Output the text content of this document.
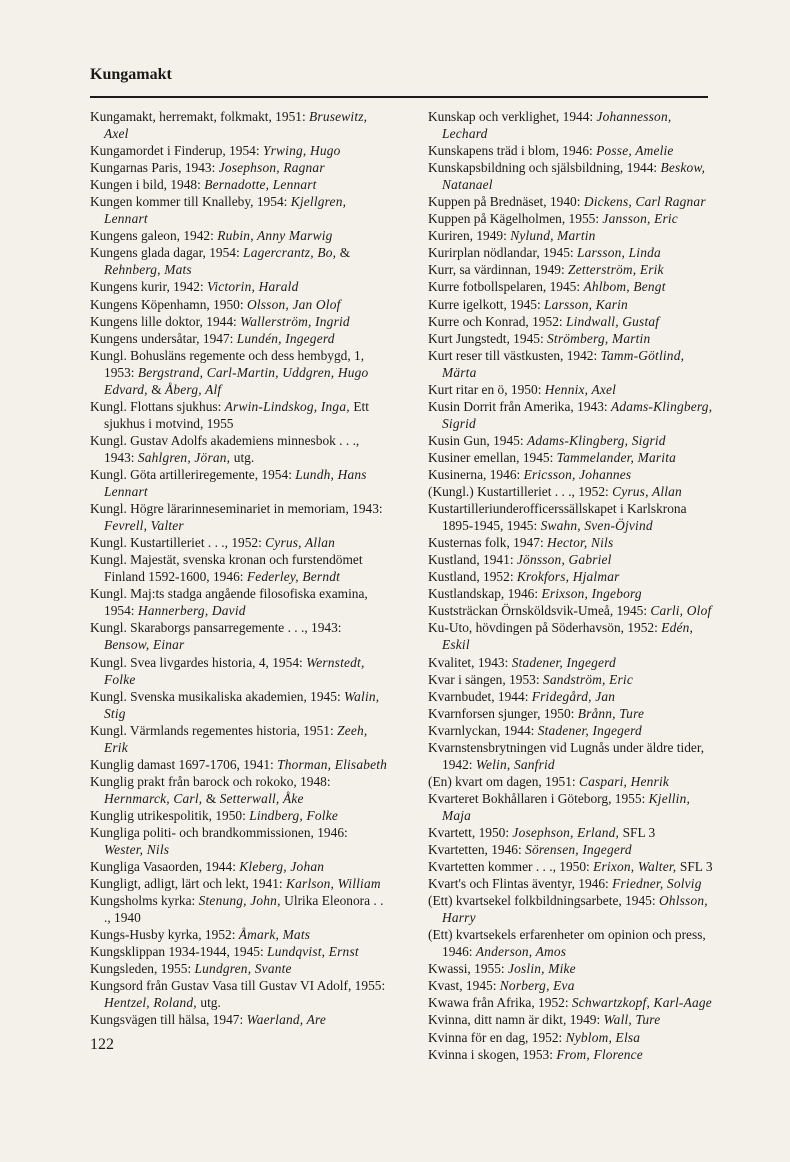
Kungamakt

Kungamakt, herremakt, folkmakt, 1951: Brusewitz, Axel

Kungamordet i Finderup, 1954: Yrwing, Hugo

Kungarnas Paris, 1943: Josephson, Ragnar

Kungen i bild, 1948: Bernadotte, Lennart

Kungen kommer till Knalleby, 1954: Kjellgren, Lennart

Kungens galeon, 1942: Rubin, Anny Marwig

Kungens glada dagar, 1954: Lagercrantz, Bo, & Rehnberg, Mats

Kungens kurir, 1942: Victorin, Harald

Kungens Köpenhamn, 1950: Olsson, Jan Olof

Kungens lille doktor, 1944: Wallerström, Ingrid

Kungens undersåtar, 1947: Lundén, Ingegerd

Kungl. Bohusläns regemente och dess hembygd, 1, 1953: Bergstrand, Carl-Martin, Uddgren, Hugo Edvard, & Åberg, Alf

Kungl. Flottans sjukhus: Arwin-Lindskog, Inga, Ett sjukhus i motvind, 1955

Kungl. Gustav Adolfs akademiens minnesbok . . ., 1943: Sahlgren, Jöran, utg.

Kungl. Göta artilleriregemente, 1954: Lundh, Hans Lennart

Kungl. Högre lärarinneseminariet in memoriam, 1943: Fevrell, Valter

Kungl. Kustartilleriet . . ., 1952: Cyrus, Allan

Kungl. Majestät, svenska kronan och furstendömet Finland 1592-1600, 1946: Federley, Berndt

Kungl. Maj:ts stadga angående filosofiska examina, 1954: Hannerberg, David

Kungl. Skaraborgs pansarregemente . . ., 1943: Bensow, Einar

Kungl. Svea livgardes historia, 4, 1954: Wernstedt, Folke

Kungl. Svenska musikaliska akademien, 1945: Walin, Stig

Kungl. Värmlands regementes historia, 1951: Zeeh, Erik

Kunglig damast 1697-1706, 1941: Thorman, Elisabeth

Kunglig prakt från barock och rokoko, 1948: Hernmarck, Carl, & Setterwall, Åke

Kunglig utrikespolitik, 1950: Lindberg, Folke

Kungliga politi- och brandkommissionen, 1946: Wester, Nils

Kungliga Vasaorden, 1944: Kleberg, Johan

Kungligt, adligt, lärt och lekt, 1941: Karlson, William

Kungsholms kyrka: Stenung, John, Ulrika Eleonora . . ., 1940

Kungs-Husby kyrka, 1952: Åmark, Mats

Kungsklippan 1934-1944, 1945: Lundqvist, Ernst

Kungsleden, 1955: Lundgren, Svante

Kungsord från Gustav Vasa till Gustav VI Adolf, 1955: Hentzel, Roland, utg.

Kungsvägen till hälsa, 1947: Waerland, Are

Kunskap och verklighet, 1944: Johannesson, Lechard

Kunskapens träd i blom, 1946: Posse, Amelie

Kunskapsbildning och själsbildning, 1944: Beskow, Natanael

Kuppen på Brednäset, 1940: Dickens, Carl Ragnar

Kuppen på Kägelholmen, 1955: Jansson, Eric

Kuriren, 1949: Nylund, Martin

Kurirplan nödlandar, 1945: Larsson, Linda

Kurr, sa värdinnan, 1949: Zetterström, Erik

Kurre fotbollspelaren, 1945: Ahlbom, Bengt

Kurre igelkott, 1945: Larsson, Karin

Kurre och Konrad, 1952: Lindwall, Gustaf

Kurt Jungstedt, 1945: Strömberg, Martin

Kurt reser till västkusten, 1942: Tamm-Götlind, Märta

Kurt ritar en ö, 1950: Hennix, Axel

Kusin Dorrit från Amerika, 1943: Adams-Klingberg, Sigrid

Kusin Gun, 1945: Adams-Klingberg, Sigrid

Kusiner emellan, 1945: Tammelander, Marita

Kusinerna, 1946: Ericsson, Johannes

(Kungl.) Kustartilleriet . . ., 1952: Cyrus, Allan

Kustartilleriunderofficerssällskapet i Karlskrona 1895-1945, 1945: Swahn, Sven-Öjvind

Kusternas folk, 1947: Hector, Nils

Kustland, 1941: Jönsson, Gabriel

Kustland, 1952: Krokfors, Hjalmar

Kustlandskap, 1946: Erixson, Ingeborg

Kuststräckan Örnsköldsvik-Umeå, 1945: Carli, Olof

Ku-Uto, hövdingen på Söderhavsön, 1952: Edén, Eskil

Kvalitet, 1943: Stadener, Ingegerd

Kvar i sängen, 1953: Sandström, Eric

Kvarnbudet, 1944: Fridegård, Jan

Kvarnforsen sjunger, 1950: Brånn, Ture

Kvarnlyckan, 1944: Stadener, Ingegerd

Kvarnstensbrytningen vid Lugnås under äldre tider, 1942: Welin, Sanfrid

(En) kvart om dagen, 1951: Caspari, Henrik

Kvarteret Bokhållaren i Göteborg, 1955: Kjellin, Maja

Kvartett, 1950: Josephson, Erland, SFL 3

Kvartetten, 1946: Sörensen, Ingegerd

Kvartetten kommer . . ., 1950: Erixon, Walter, SFL 3

Kvart's och Flintas äventyr, 1946: Friedner, Solvig

(Ett) kvartsekel folkbildningsarbete, 1945: Ohlsson, Harry

(Ett) kvartsekels erfarenheter om opinion och press, 1946: Anderson, Amos

Kwassi, 1955: Joslin, Mike

Kvast, 1945: Norberg, Eva

Kwawa från Afrika, 1952: Schwartzkopf, Karl-Aage

Kvinna, ditt namn är dikt, 1949: Wall, Ture

Kvinna för en dag, 1952: Nyblom, Elsa

Kvinna i skogen, 1953: From, Florence

122
